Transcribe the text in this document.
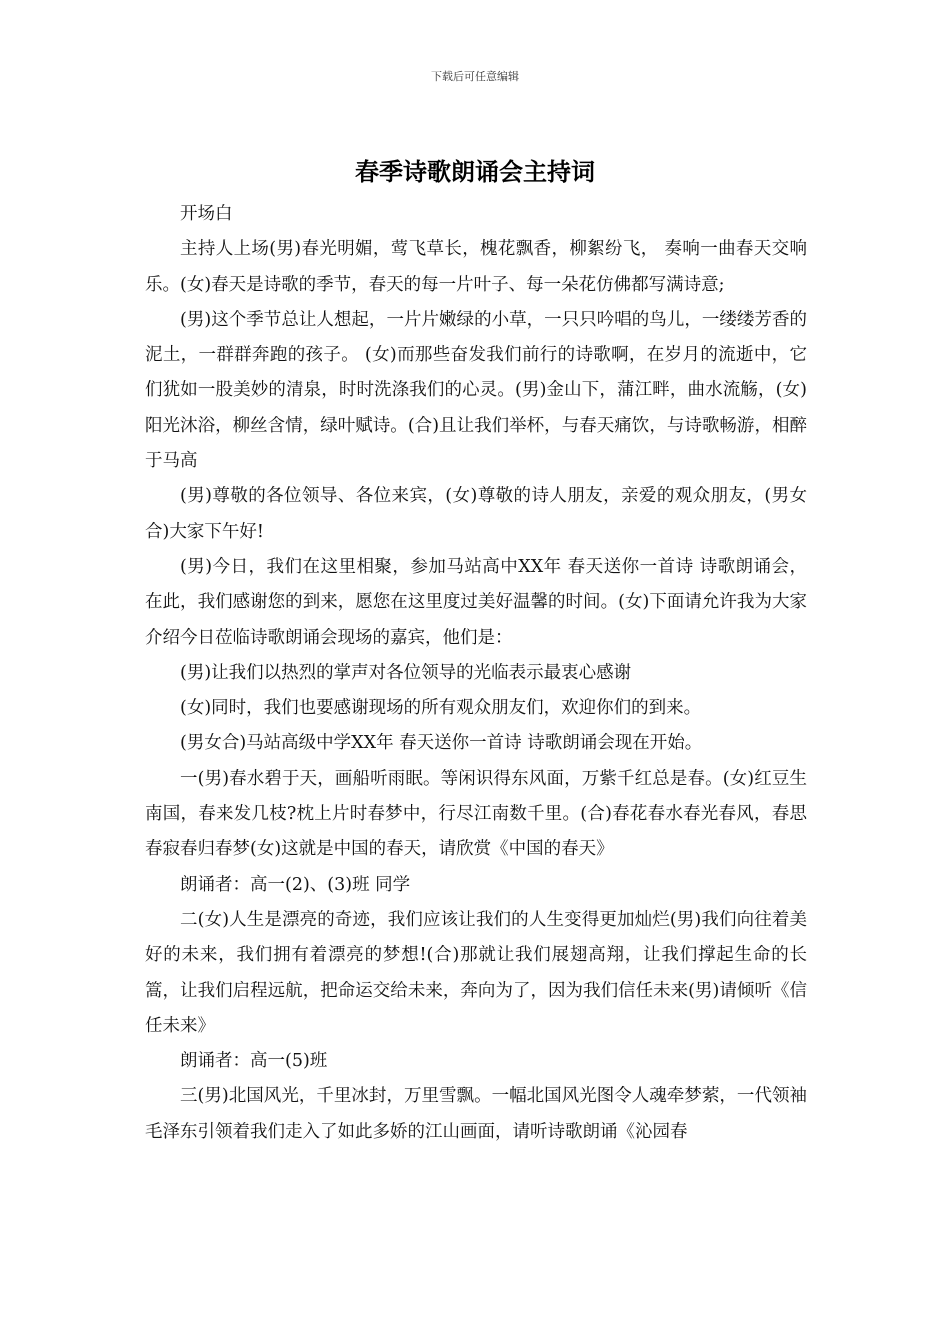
下载后可任意编辑
春季诗歌朗诵会主持词

开场白

主持人上场(男)春光明媚，莺飞草长，槐花飘香，柳絮纷飞， 奏响一曲春天交响乐。(女)春天是诗歌的季节，春天的每一片叶子、每一朵花仿佛都写满诗意;

(男)这个季节总让人想起，一片片嫩绿的小草，一只只吟唱的鸟儿，一缕缕芳香的泥土，一群群奔跑的孩子。 (女)而那些奋发我们前行的诗歌啊，在岁月的流逝中，它们犹如一股美妙的清泉，时时洗涤我们的心灵。(男)金山下，蒲江畔，曲水流觞，(女)阳光沐浴，柳丝含情，绿叶赋诗。(合)且让我们举杯，与春天痛饮，与诗歌畅游，相醉于马高

(男)尊敬的各位领导、各位来宾，(女)尊敬的诗人朋友，亲爱的观众朋友，(男女合)大家下午好!

(男)今日，我们在这里相聚，参加马站高中XX年 春天送你一首诗 诗歌朗诵会，在此，我们感谢您的到来，愿您在这里度过美好温馨的时间。(女)下面请允许我为大家介绍今日莅临诗歌朗诵会现场的嘉宾，他们是：

(男)让我们以热烈的掌声对各位领导的光临表示最衷心感谢

(女)同时，我们也要感谢现场的所有观众朋友们，欢迎你们的到来。

(男女合)马站高级中学XX年 春天送你一首诗 诗歌朗诵会现在开始。

一(男)春水碧于天，画船听雨眠。等闲识得东风面，万紫千红总是春。(女)红豆生南国，春来发几枝?枕上片时春梦中，行尽江南数千里。(合)春花春水春光春风，春思春寂春归春梦(女)这就是中国的春天，请欣赏《中国的春天》

朗诵者：高一(2)、(3)班 同学

二(女)人生是漂亮的奇迹，我们应该让我们的人生变得更加灿烂(男)我们向往着美好的未来，我们拥有着漂亮的梦想!(合)那就让我们展翅高翔，让我们撑起生命的长篙，让我们启程远航，把命运交给未来，奔向为了，因为我们信任未来(男)请倾听《信任未来》

朗诵者：高一(5)班

三(男)北国风光，千里冰封，万里雪飘。一幅北国风光图令人魂牵梦萦，一代领袖毛泽东引领着我们走入了如此多娇的江山画面，请听诗歌朗诵《沁园春
